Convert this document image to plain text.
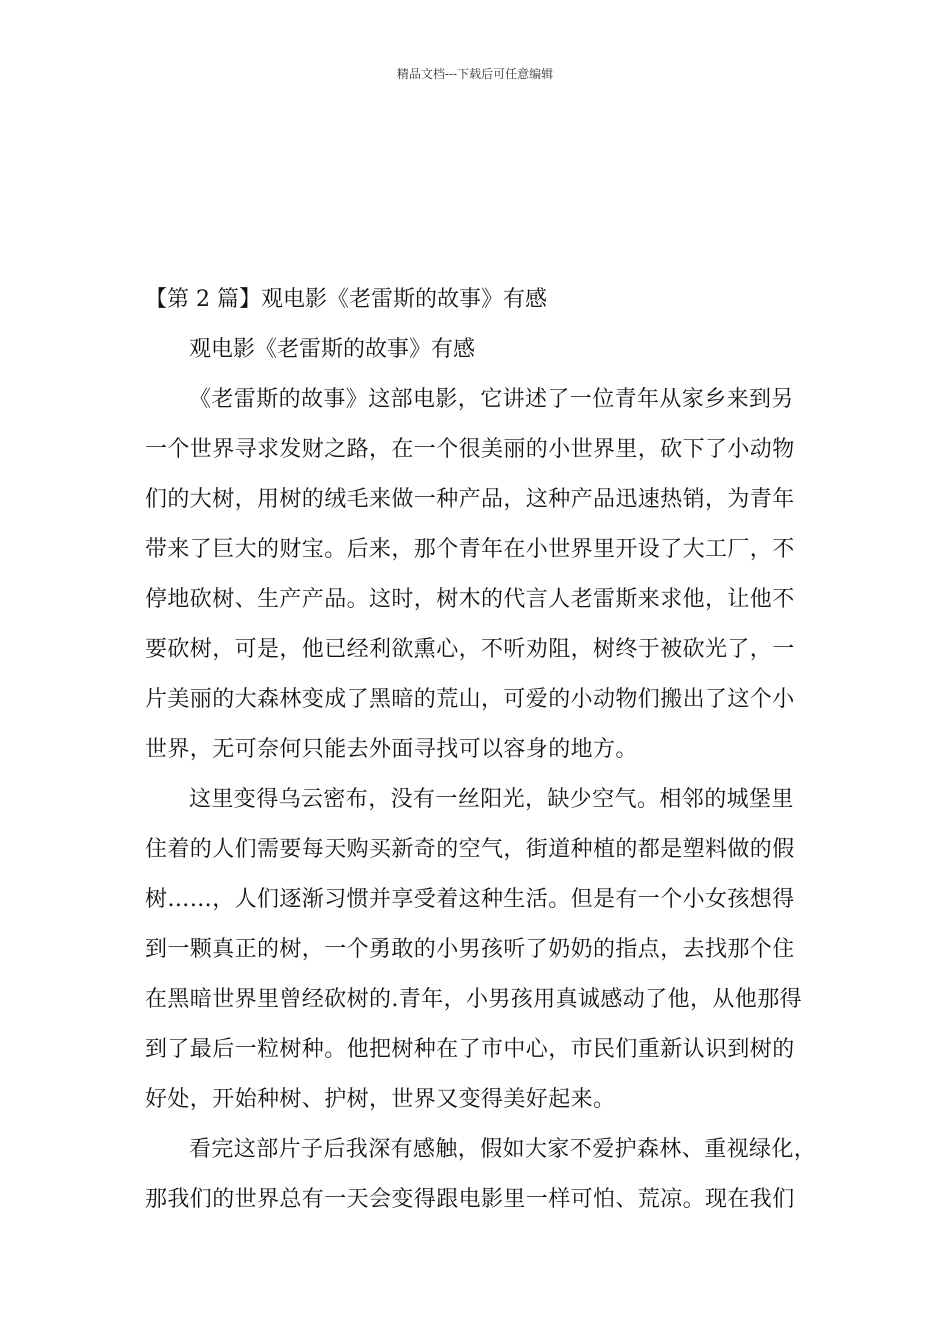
精品文档---下载后可任意编辑
【第 2 篇】观电影《老雷斯的故事》有感

观电影《老雷斯的故事》有感

《老雷斯的故事》这部电影，它讲述了一位青年从家乡来到另
一个世界寻求发财之路，在一个很美丽的小世界里，砍下了小动物
们的大树，用树的绒毛来做一种产品，这种产品迅速热销，为青年
带来了巨大的财宝。后来，那个青年在小世界里开设了大工厂，不
停地砍树、生产产品。这时，树木的代言人老雷斯来求他，让他不
要砍树，可是，他已经利欲熏心，不听劝阻，树终于被砍光了，一
片美丽的大森林变成了黑暗的荒山，可爱的小动物们搬出了这个小
世界，无可奈何只能去外面寻找可以容身的地方。
这里变得乌云密布，没有一丝阳光，缺少空气。相邻的城堡里
住着的人们需要每天购买新奇的空气，街道种植的都是塑料做的假
树……，人们逐渐习惯并享受着这种生活。但是有一个小女孩想得
到一颗真正的树，一个勇敢的小男孩听了奶奶的指点，去找那个住
在黑暗世界里曾经砍树的.青年，小男孩用真诚感动了他，从他那得
到了最后一粒树种。他把树种在了市中心，市民们重新认识到树的
好处，开始种树、护树，世界又变得美好起来。
看完这部片子后我深有感触，假如大家不爱护森林、重视绿化，
那我们的世界总有一天会变得跟电影里一样可怕、荒凉。现在我们
